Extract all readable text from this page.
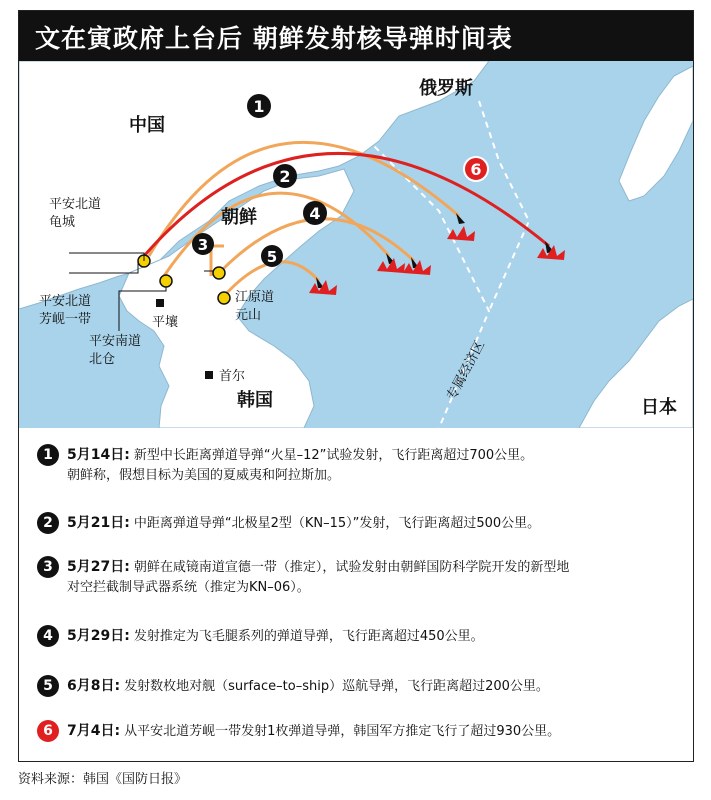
文在寅政府上台后 朝鲜发射核导弹时间表
中国
俄罗斯
朝鲜
韩国	日本
平安北道
龟城
平安北道
芳岘一带
平安南道
北仓
平壤
首尔
江原道
元山
专属经济区
1
2
3
4
5
6
1	5月14日: 新型中长距离弹道导弹“火星–12”试验发射，飞行距离超过700公里。
朝鲜称，假想目标为美国的夏威夷和阿拉斯加。
2	5月21日: 中距离弹道导弹“北极星2型（KN–15）”发射，飞行距离超过500公里。
3	5月27日: 朝鲜在咸镜南道宣德一带（推定），试验发射由朝鲜国防科学院开发的新型地
对空拦截制导武器系统（推定为KN–06）。
4	5月29日: 发射推定为飞毛腿系列的弹道导弹，飞行距离超过450公里。
5	6月8日: 发射数枚地对舰（surface–to–ship）巡航导弹，飞行距离超过200公里。
6	7月4日: 从平安北道芳岘一带发射1枚弹道导弹，韩国军方推定飞行了超过930公里。
资料来源：韩国《国防日报》
